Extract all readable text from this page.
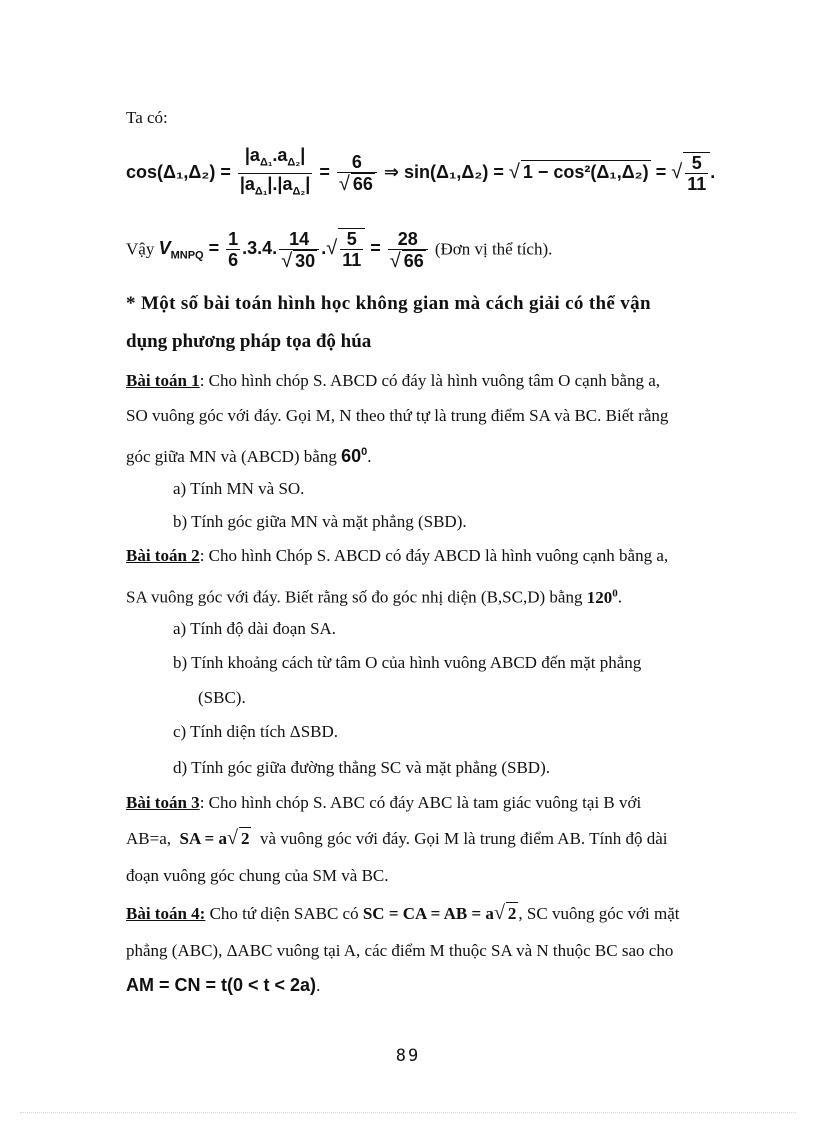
Ta có:
$\cos(\Delta_1,\Delta_2) = \frac{|a_{\Delta_1}.a_{\Delta_2}|}{|a_{\Delta_1}|.|a_{\Delta_2}|} = \frac{6}{√ 66}$ ⇒ sin(Δ₁,Δ₂) = √ 1 − cos²(Δ₁,Δ₂) = √ $\frac{5}{11}$ .
Vậy $V_{MNPQ} = \frac{1}{6} .3.4$. $\frac{14}{√ 30}$ .√ $\frac{5}{11} = \frac{28}{√ 66}$ (Đơn vị thể tích).
* Một số bài toán hình học không gian mà cách giải có thể vận
dụng phương pháp tọa độ húa
Bài toán 1: Cho hình chóp S. ABCD có đáy là hình vuông tâm O cạnh bằng a,
SO vuông góc với đáy. Gọi M, N theo thứ tự là trung điểm SA và BC. Biết rằng
góc giữa MN và (ABCD) bằng $60^0$.
a) Tính MN và SO.
b) Tính góc giữa MN và mặt phẳng (SBD).
Bài toán 2: Cho hình Chóp S. ABCD có đáy ABCD là hình vuông cạnh bằng a,
SA vuông góc với đáy. Biết rằng số đo góc nhị diện (B,SC,D) bằng $120^0$.
a) Tính độ dài đoạn SA.
b) Tính khoảng cách từ tâm O của hình vuông ABCD đến mặt phẳng
(SBC).
c) Tính diện tích ΔSBD.
d) Tính góc giữa đường thẳng SC và mặt phẳng (SBD).
Bài toán 3: Cho hình chóp S. ABC có đáy ABC là tam giác vuông tại B với
AB=a, SA = a√ 2 và vuông góc với đáy. Gọi M là trung điểm AB. Tính độ dài
đoạn vuông góc chung của SM và BC.
Bài toán 4: Cho tứ diện SABC có SC = CA = AB = a√ 2 , SC vuông góc với mặt
phẳng (ABC), ΔABC vuông tại A, các điểm M thuộc SA và N thuộc BC sao cho
AM = CN = t(0 < t < 2a).
89
